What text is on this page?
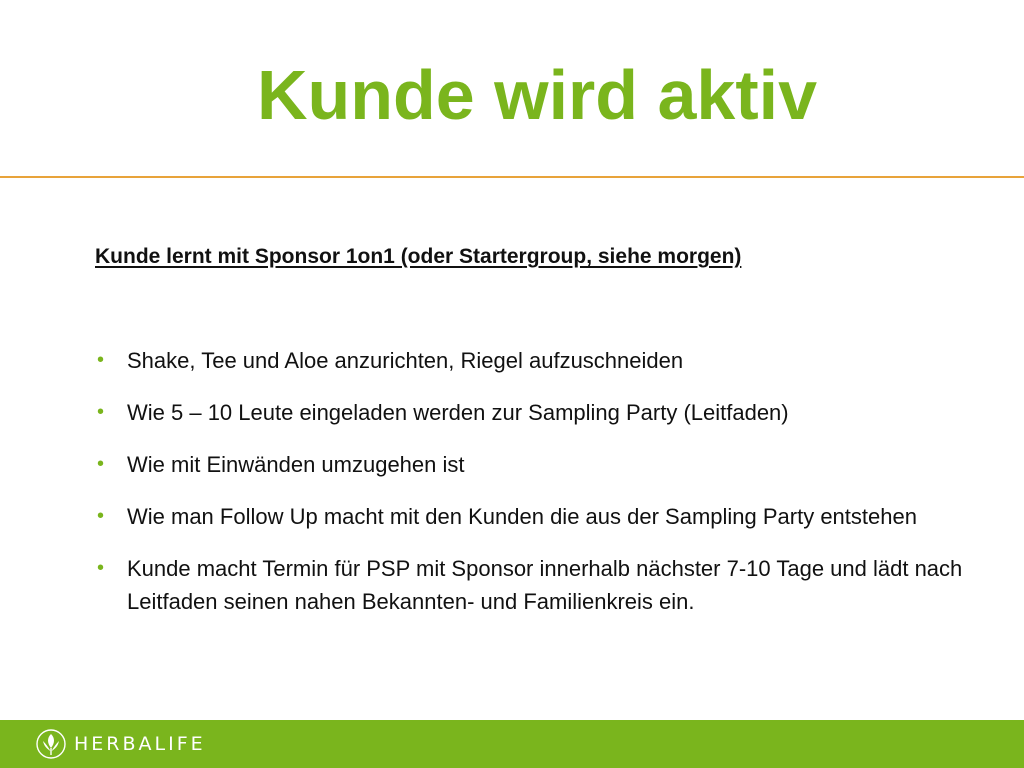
Kunde wird aktiv

Kunde lernt mit Sponsor 1on1 (oder Startergroup, siehe morgen)

• Shake, Tee und Aloe anzurichten, Riegel aufzuschneiden
• Wie 5 – 10 Leute eingeladen werden zur Sampling Party (Leitfaden)
• Wie mit Einwänden umzugehen ist
• Wie man Follow Up macht mit den Kunden die aus der Sampling Party entstehen
• Kunde macht Termin für PSP mit Sponsor innerhalb nächster 7-10 Tage und lädt nach Leitfaden seinen nahen Bekannten- und Familienkreis ein.
HERBALIFE
